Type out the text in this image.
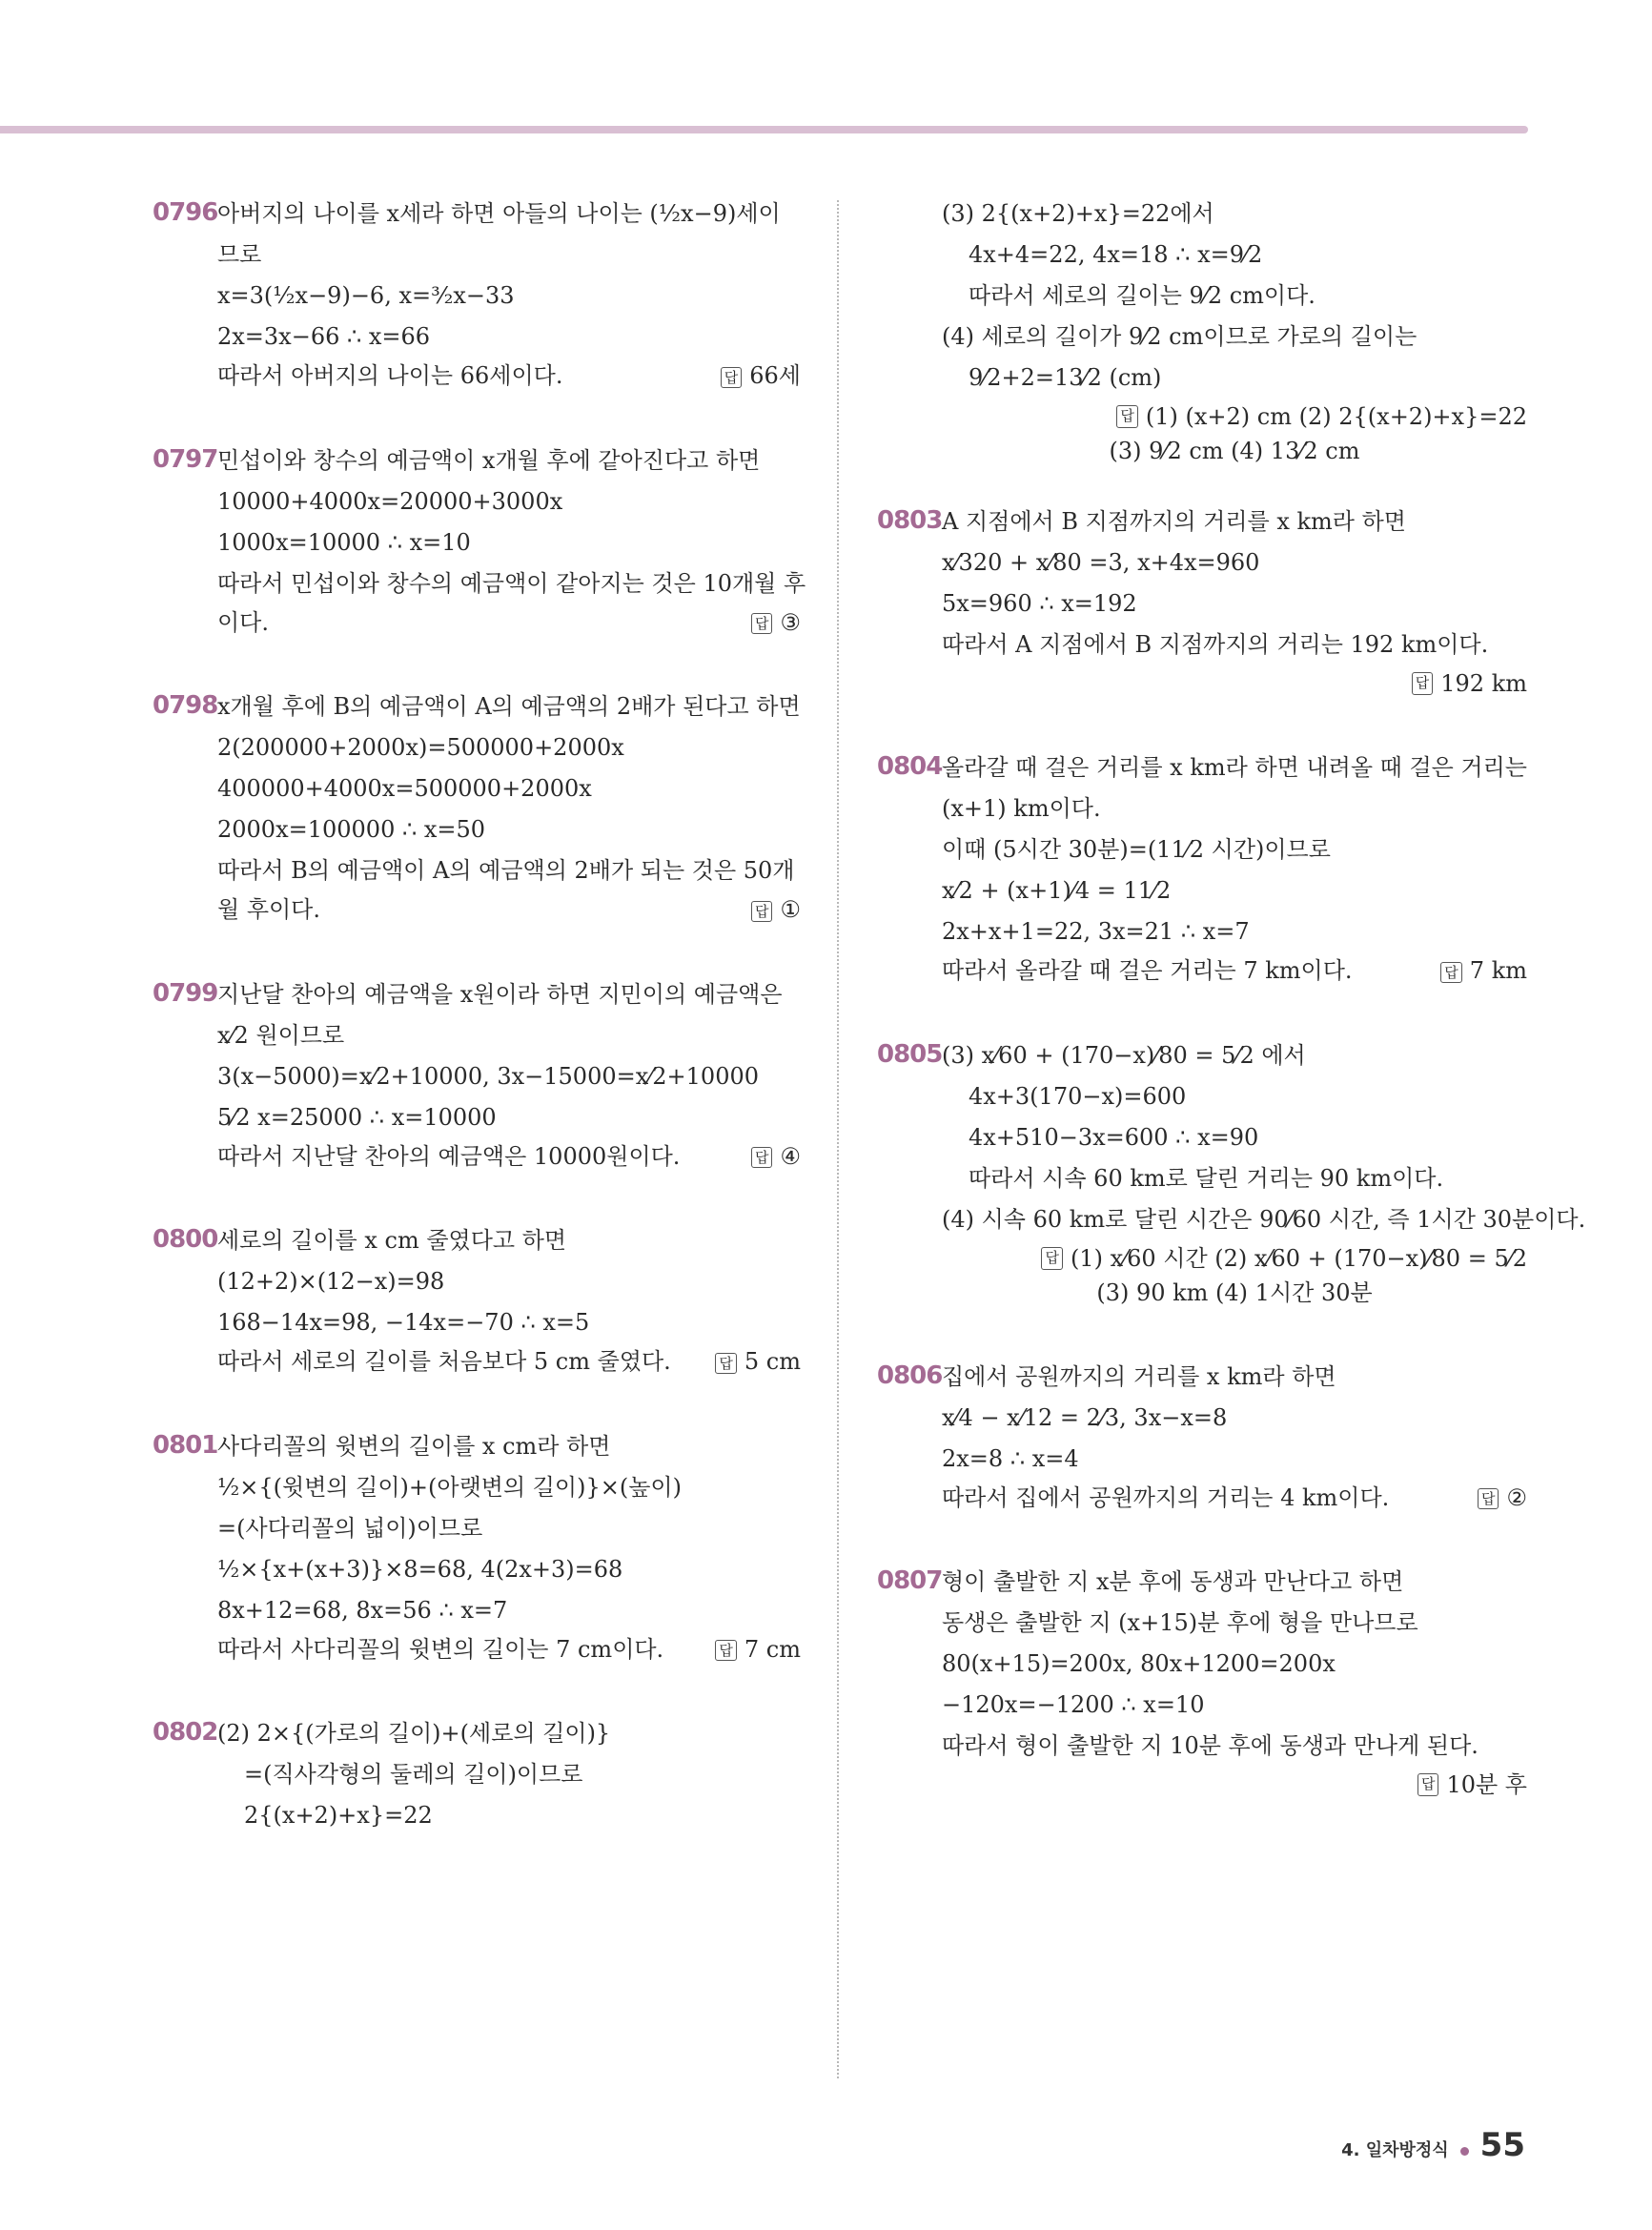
0796 아버지의 나이를 x세라 하면 아들의 나이는 (½x−9)세이
므로
x=3(½x−9)−6, x=³⁄₂x−33
2x=3x−66 ∴ x=66
따라서 아버지의 나이는 66세이다.	답 66세
0797 민섭이와 창수의 예금액이 x개월 후에 같아진다고 하면
10000+4000x=20000+3000x
1000x=10000 ∴ x=10
따라서 민섭이와 창수의 예금액이 같아지는 것은 10개월 후
이다.	답 ③
0798 x개월 후에 B의 예금액이 A의 예금액의 2배가 된다고 하면
2(200000+2000x)=500000+2000x
400000+4000x=500000+2000x
2000x=100000 ∴ x=50
따라서 B의 예금액이 A의 예금액의 2배가 되는 것은 50개
월 후이다.	답 ①
0799 지난달 찬아의 예금액을 x원이라 하면 지민이의 예금액은
x⁄2 원이므로
3(x−5000)=x⁄2+10000, 3x−15000=x⁄2+10000
5⁄2 x=25000 ∴ x=10000
따라서 지난달 찬아의 예금액은 10000원이다.	답 ④
0800 세로의 길이를 x cm 줄였다고 하면
(12+2)×(12−x)=98
168−14x=98, −14x=−70 ∴ x=5
따라서 세로의 길이를 처음보다 5 cm 줄였다.	답 5 cm
0801 사다리꼴의 윗변의 길이를 x cm라 하면
½×{(윗변의 길이)+(아랫변의 길이)}×(높이)
=(사다리꼴의 넓이)이므로
½×{x+(x+3)}×8=68, 4(2x+3)=68
8x+12=68, 8x=56 ∴ x=7
따라서 사다리꼴의 윗변의 길이는 7 cm이다.	답 7 cm
0802 (2) 2×{(가로의 길이)+(세로의 길이)}
=(직사각형의 둘레의 길이)이므로
2{(x+2)+x}=22
(3) 2{(x+2)+x}=22에서
4x+4=22, 4x=18 ∴ x=9⁄2
따라서 세로의 길이는 9⁄2 cm이다.
(4) 세로의 길이가 9⁄2 cm이므로 가로의 길이는
9⁄2+2=13⁄2 (cm)
답 (1) (x+2) cm (2) 2{(x+2)+x}=22
(3) 9⁄2 cm (4) 13⁄2 cm
0803 A 지점에서 B 지점까지의 거리를 x km라 하면
x⁄320 + x⁄80 =3, x+4x=960
5x=960 ∴ x=192
따라서 A 지점에서 B 지점까지의 거리는 192 km이다.
답 192 km
0804 올라갈 때 걸은 거리를 x km라 하면 내려올 때 걸은 거리는
(x+1) km이다.
이때 (5시간 30분)=(11⁄2 시간)이므로
x⁄2 + (x+1)⁄4 = 11⁄2
2x+x+1=22, 3x=21 ∴ x=7
따라서 올라갈 때 걸은 거리는 7 km이다.	답 7 km
0805 (3) x⁄60 + (170−x)⁄80 = 5⁄2 에서
4x+3(170−x)=600
4x+510−3x=600 ∴ x=90
따라서 시속 60 km로 달린 거리는 90 km이다.
(4) 시속 60 km로 달린 시간은 90⁄60 시간, 즉 1시간 30분이다.
답 (1) x⁄60 시간 (2) x⁄60 + (170−x)⁄80 = 5⁄2
(3) 90 km (4) 1시간 30분
0806 집에서 공원까지의 거리를 x km라 하면
x⁄4 − x⁄12 = 2⁄3, 3x−x=8
2x=8 ∴ x=4
따라서 집에서 공원까지의 거리는 4 km이다.	답 ②
0807 형이 출발한 지 x분 후에 동생과 만난다고 하면
동생은 출발한 지 (x+15)분 후에 형을 만나므로
80(x+15)=200x, 80x+1200=200x
−120x=−1200 ∴ x=10
따라서 형이 출발한 지 10분 후에 동생과 만나게 된다.
답 10분 후
4. 일차방정식 55
